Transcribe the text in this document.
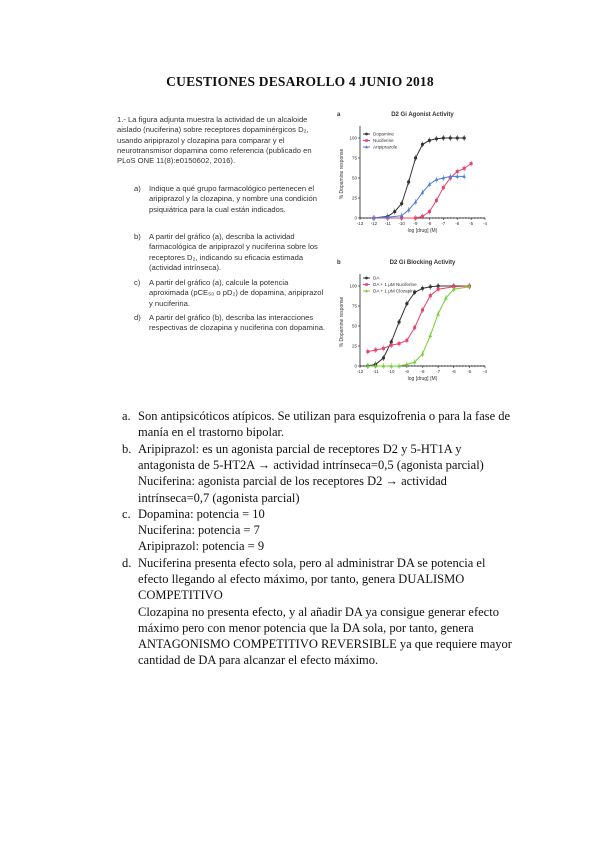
CUESTIONES DESAROLLO 4 JUNIO 2018
1.- La figura adjunta muestra la actividad de un alcaloide aislado (nuciferina) sobre receptores dopaminérgicos D₂, usando aripiprazol y clozapina para comparar y el neurotransmisor dopamina como referencia (publicado en PLoS ONE 11(8):e0150602, 2016).
a) Indique a qué grupo farmacológico pertenecen el aripiprazol y la clozapina, y nombre una condición psiquiátrica para la cual están indicados.
b) A partir del gráfico (a), describa la actividad farmacológica de aripiprazol y nuciferina sobre los receptores D₂, indicando su eficacia estimada (actividad intrínseca).
c) A partir del gráfico (a), calcule la potencia aproximada (pCE₅₀ o pD₂) de dopamina, aripiprazol y nuciferina.
d) A partir del gráfico (b), describa las interacciones respectivas de clozapina y nuciferina con dopamina.
a	D2 Gi Agonist Activity
-13 -12 -11 -10 -9 -8 -7 -6 -5 -4
0
25
50
75
100
log [drug] (M)
% Dopamine response
Dopamine
Nuciferine
Aripiprazole
b	D2 Gi Blocking Activity
-12 -11 -10 -9	-8	-7	-6	-5	-4
0
25
50
75
100
log [drug] (M)
% Dopamine response
DA
DA + 1 μM Nuciferine
DA + 1 μM Clozapine
a. Son antipsicóticos atípicos. Se utilizan para esquizofrenia o para la fase de
manía en el trastorno bipolar.
b. Aripiprazol: es un agonista parcial de receptores D2 y 5-HT1A y
antagonista de 5-HT2A → actividad intrínseca=0,5 (agonista parcial)
Nuciferina: agonista parcial de los receptores D2 → actividad
intrínseca=0,7 (agonista parcial)
c. Dopamina: potencia = 10
Nuciferina: potencia = 7
Aripiprazol: potencia = 9
d. Nuciferina presenta efecto sola, pero al administrar DA se potencia el
efecto llegando al efecto máximo, por tanto, genera DUALISMO
COMPETITIVO
Clozapina no presenta efecto, y al añadir DA ya consigue generar efecto
máximo pero con menor potencia que la DA sola, por tanto, genera
ANTAGONISMO COMPETITIVO REVERSIBLE ya que requiere mayor
cantidad de DA para alcanzar el efecto máximo.
